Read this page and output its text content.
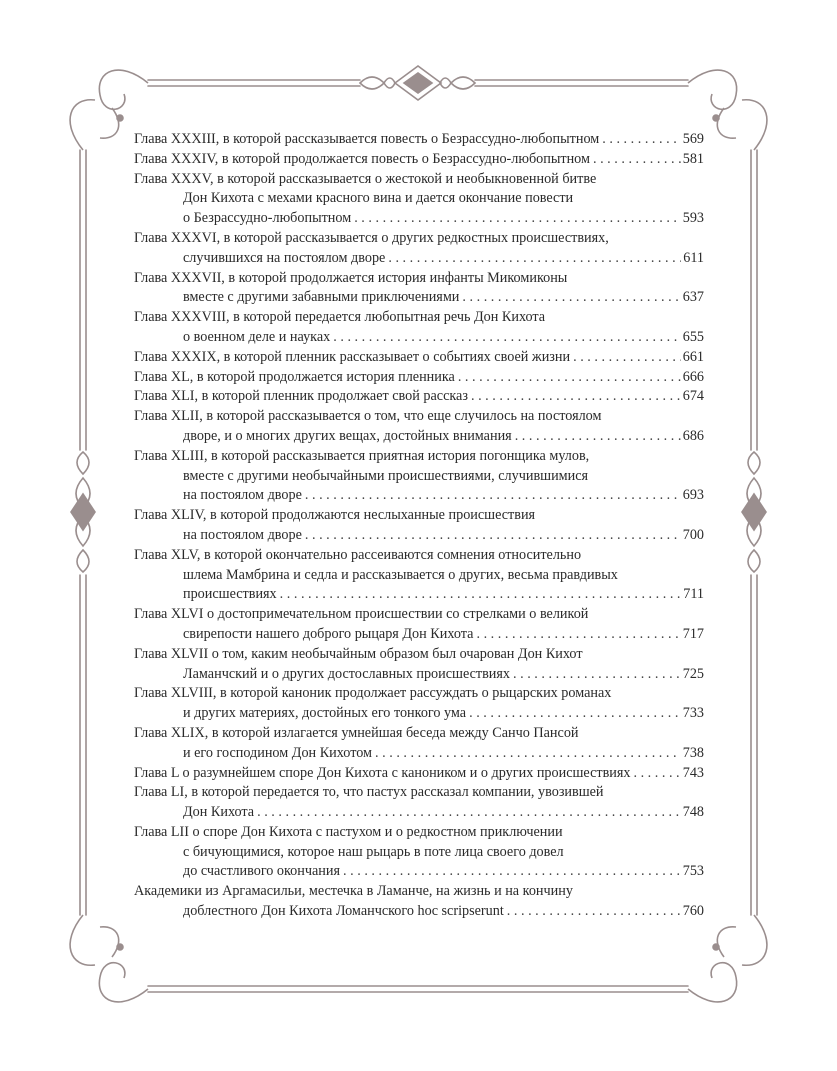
Глава XXXIII, в которой рассказывается повесть о Безрассудно-любопытном . . .	569
Глава XXXIV, в которой продолжается повесть о Безрассудно-любопытном . . .	581
Глава XXXV, в которой рассказывается о жестокой и необыкновенной битве
Дон Кихота с мехами красного вина и дается окончание повести
о Безрассудно-любопытном . . .	593
Глава XXXVI, в которой рассказывается о других редкостных происшествиях,
случившихся на постоялом дворе . . .	611
Глава XXXVII, в которой продолжается история инфанты Микомиконы
вместе с другими забавными приключениями . . .	637
Глава XXXVIII, в которой передается любопытная речь Дон Кихота
о военном деле и науках . . .	655
Глава XXXIX, в которой пленник рассказывает о событиях своей жизни . . .	661
Глава XL, в которой продолжается история пленника . . .	666
Глава XLI, в которой пленник продолжает свой рассказ . . .	674
Глава XLII, в которой рассказывается о том, что еще случилось на постоялом
дворе, и о многих других вещах, достойных внимания . . .	686
Глава XLIII, в которой рассказывается приятная история погонщика мулов,
вместе с другими необычайными происшествиями, случившимися
на постоялом дворе . . .	693
Глава XLIV, в которой продолжаются неслыханные происшествия
на постоялом дворе . . .	700
Глава XLV, в которой окончательно рассеиваются сомнения относительно
шлема Мамбрина и седла и рассказывается о других, весьма правдивых
происшествиях . . .	711
Глава XLVI о достопримечательном происшествии со стрелками о великой
свирепости нашего доброго рыцаря Дон Кихота . . .	717
Глава XLVII о том, каким необычайным образом был очарован Дон Кихот
Ламанчский и о других достославных происшествиях . . .	725
Глава XLVIII, в которой каноник продолжает рассуждать о рыцарских романах
и других материях, достойных его тонкого ума . . .	733
Глава XLIX, в которой излагается умнейшая беседа между Санчо Пансой
и его господином Дон Кихотом . . .	738
Глава L о разумнейшем споре Дон Кихота с каноником и о других происшествиях . . .	743
Глава LI, в которой передается то, что пастух рассказал компании, увозившей
Дон Кихота . . .	748
Глава LII о споре Дон Кихота с пастухом и о редкостном приключении
с бичующимися, которое наш рыцарь в поте лица своего довел
до счастливого окончания . . .	753
Академики из Аргамасильи, местечка в Ламанче, на жизнь и на кончину
доблестного Дон Кихота Ломанчского hoc scripserunt . . .	760
